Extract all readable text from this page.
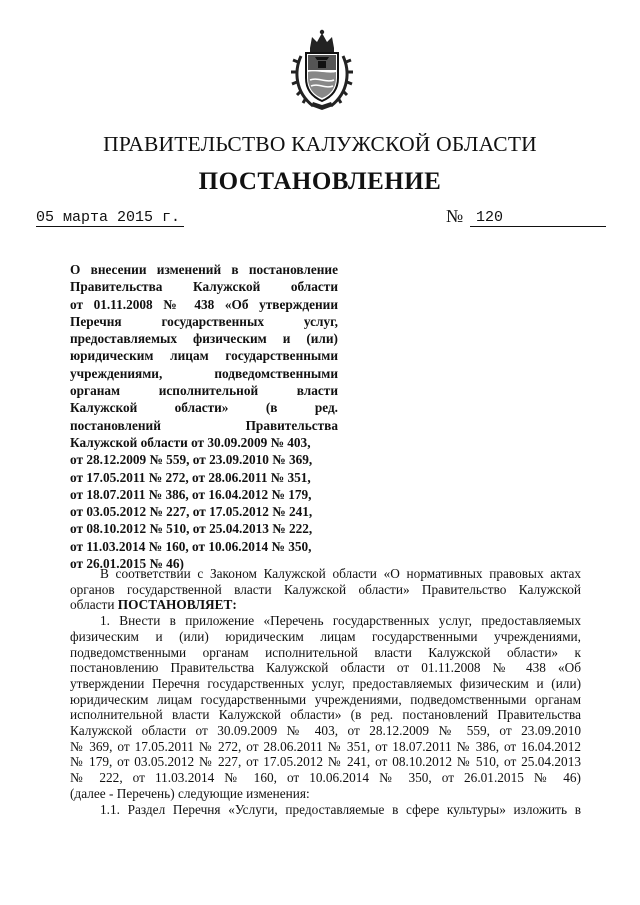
ПРАВИТЕЛЬСТВО КАЛУЖСКОЙ ОБЛАСТИ
ПОСТАНОВЛЕНИЕ
05 марта 2015 г.	№ 120
О внесении изменений в постановление
Правительства Калужской области
от 01.11.2008 № 438 «Об утверждении
Перечня государственных услуг,
предоставляемых физическим и (или)
юридическим лицам государственными
учреждениями, подведомственными
органам исполнительной власти
Калужской области» (в ред.
постановлений Правительства
Калужской области от 30.09.2009 № 403,
от 28.12.2009 № 559, от 23.09.2010 № 369,
от 17.05.2011 № 272, от 28.06.2011 № 351,
от 18.07.2011 № 386, от 16.04.2012 № 179,
от 03.05.2012 № 227, от 17.05.2012 № 241,
от 08.10.2012 № 510, от 25.04.2013 № 222,
от 11.03.2014 № 160, от 10.06.2014 № 350,
от 26.01.2015 № 46)
В соответствии с Законом Калужской области «О нормативных правовых актах
органов государственной власти Калужской области» Правительство Калужской
области ПОСТАНОВЛЯЕТ:
1. Внести в приложение «Перечень государственных услуг, предоставляемых
физическим и (или) юридическим лицам государственными учреждениями,
подведомственными органам исполнительной власти Калужской области» к
постановлению Правительства Калужской области от 01.11.2008 № 438 «Об
утверждении Перечня государственных услуг, предоставляемых физическим и (или)
юридическим лицам государственными учреждениями, подведомственными органам
исполнительной власти Калужской области» (в ред. постановлений Правительства
Калужской области от 30.09.2009 № 403, от 28.12.2009 № 559, от 23.09.2010
№ 369, от 17.05.2011 № 272, от 28.06.2011 № 351, от 18.07.2011 № 386, от 16.04.2012
№ 179, от 03.05.2012 № 227, от 17.05.2012 № 241, от 08.10.2012 № 510, от 25.04.2013
№ 222, от 11.03.2014 № 160, от 10.06.2014 № 350, от 26.01.2015 № 46)
(далее - Перечень) следующие изменения:
1.1. Раздел Перечня «Услуги, предоставляемые в сфере культуры» изложить в
